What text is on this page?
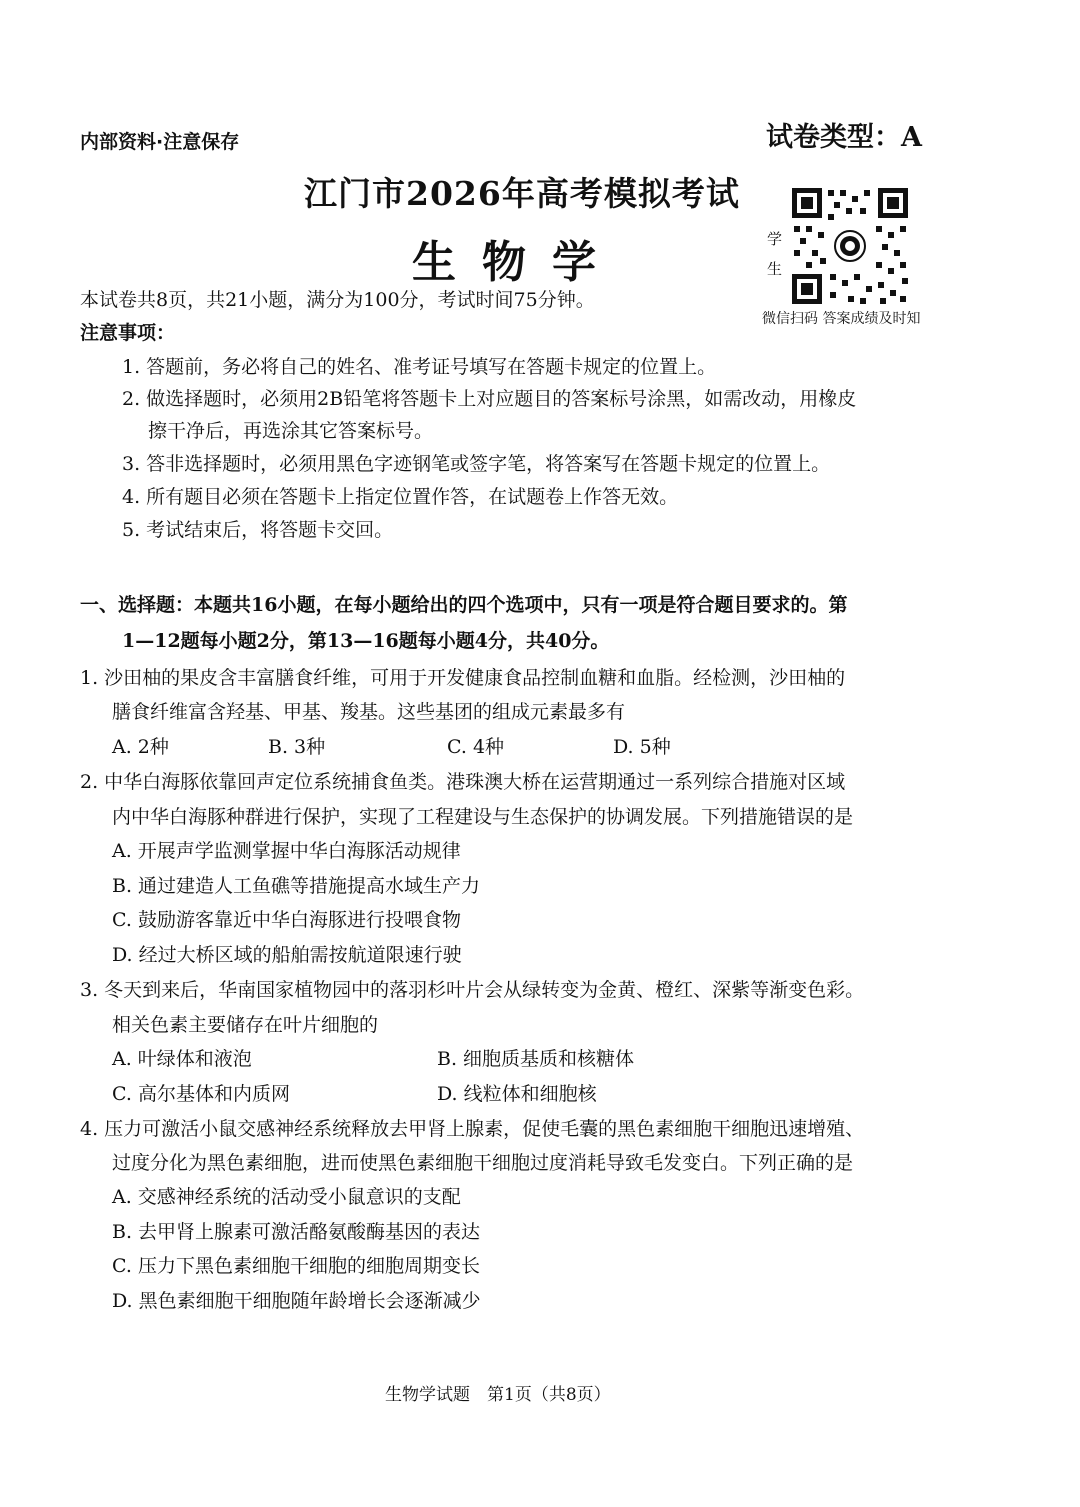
内部资料·注意保存	试卷类型：A
江门市2026年高考模拟考试
生物学	学
生
微信扫码 答案成绩及时知
本试卷共8页，共21小题，满分为100分，考试时间75分钟。
注意事项：
1. 答题前，务必将自己的姓名、准考证号填写在答题卡规定的位置上。
2. 做选择题时，必须用2B铅笔将答题卡上对应题目的答案标号涂黑，如需改动，用橡皮
擦干净后，再选涂其它答案标号。
3. 答非选择题时，必须用黑色字迹钢笔或签字笔，将答案写在答题卡规定的位置上。
4. 所有题目必须在答题卡上指定位置作答，在试题卷上作答无效。
5. 考试结束后，将答题卡交回。
一、选择题：本题共16小题，在每小题给出的四个选项中，只有一项是符合题目要求的。第
1—12题每小题2分，第13—16题每小题4分，共40分。
1. 沙田柚的果皮含丰富膳食纤维，可用于开发健康食品控制血糖和血脂。经检测，沙田柚的
膳食纤维富含羟基、甲基、羧基。这些基团的组成元素最多有
A. 2种	B. 3种	C. 4种	D. 5种
2. 中华白海豚依靠回声定位系统捕食鱼类。港珠澳大桥在运营期通过一系列综合措施对区域
内中华白海豚种群进行保护，实现了工程建设与生态保护的协调发展。下列措施错误的是
A. 开展声学监测掌握中华白海豚活动规律
B. 通过建造人工鱼礁等措施提高水域生产力
C. 鼓励游客靠近中华白海豚进行投喂食物
D. 经过大桥区域的船舶需按航道限速行驶
3. 冬天到来后，华南国家植物园中的落羽杉叶片会从绿转变为金黄、橙红、深紫等渐变色彩。
相关色素主要储存在叶片细胞的
A. 叶绿体和液泡	B. 细胞质基质和核糖体
C. 高尔基体和内质网	D. 线粒体和细胞核
4. 压力可激活小鼠交感神经系统释放去甲肾上腺素，促使毛囊的黑色素细胞干细胞迅速增殖、
过度分化为黑色素细胞，进而使黑色素细胞干细胞过度消耗导致毛发变白。下列正确的是
A. 交感神经系统的活动受小鼠意识的支配
B. 去甲肾上腺素可激活酪氨酸酶基因的表达
C. 压力下黑色素细胞干细胞的细胞周期变长
D. 黑色素细胞干细胞随年龄增长会逐渐减少
生物学试题　第1页（共8页）
